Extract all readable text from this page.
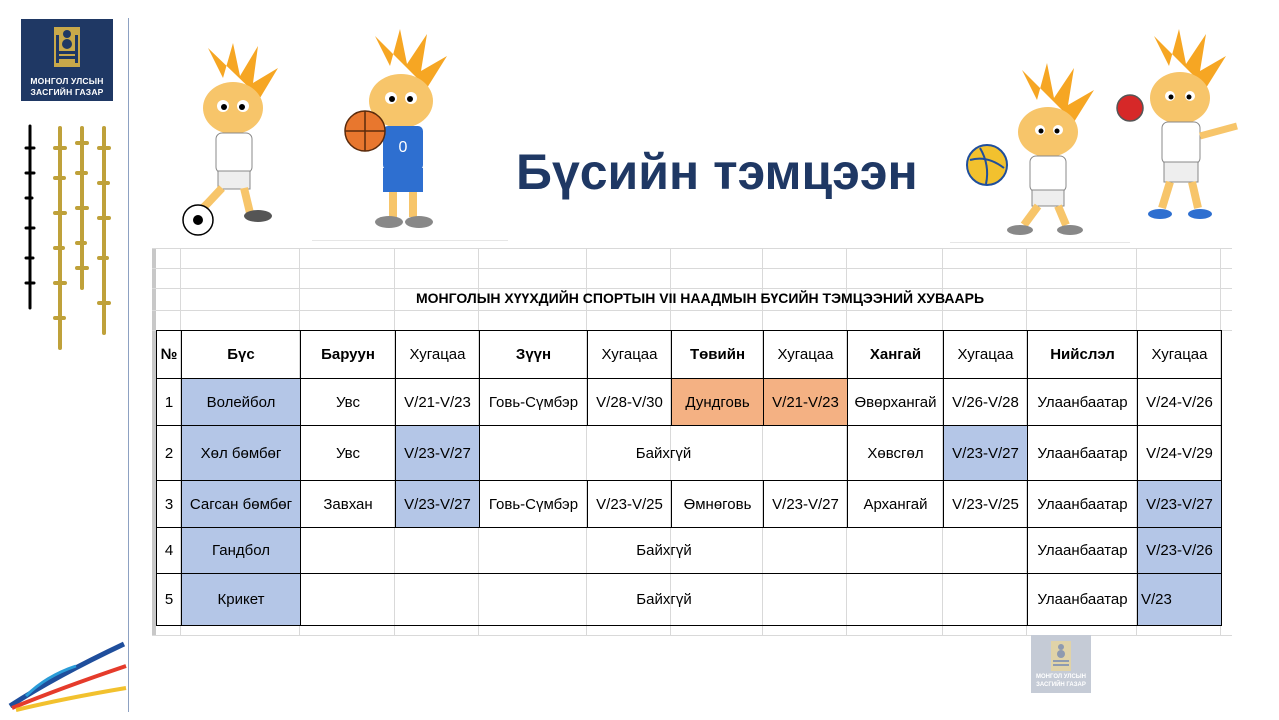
МОНГОЛ УЛСЫН
ЗАСГИЙН ГАЗАР
0 Бүсийн тэмцээн
МОНГОЛЫН ХҮҮХДИЙН СПОРТЫН VII НААДМЫН БҮСИЙН ТЭМЦЭЭНИЙ ХУВААРЬ
№	Бүс	Баруун	Хугацаа	Зүүн	Хугацаа	Төвийн	Хугацаа	Хангай	Хугацаа	Нийслэл	Хугацаа
1	Волейбол	Увс	V/21-V/23	Говь-Сүмбэр	V/28-V/30	Дундговь	V/21-V/23	Өвөрхангай	V/26-V/28	Улаанбаатар	V/24-V/26
2	Хөл бөмбөг	Увс	V/23-V/27	Байхгүй				Хөвсгөл	V/23-V/27	Улаанбаатар	V/24-V/29
3	Сагсан бөмбөг	Завхан	V/23-V/27	Говь-Сүмбэр	V/23-V/25	Өмнөговь	V/23-V/27	Архангай	V/23-V/25	Улаанбаатар	V/23-V/27
4	Гандбол	Байхгүй								Улаанбаатар	V/23-V/26
5	Крикет	Байхгүй								Улаанбаатар	V/23
МОНГОЛ УЛСЫН
ЗАСГИЙН ГАЗАР
